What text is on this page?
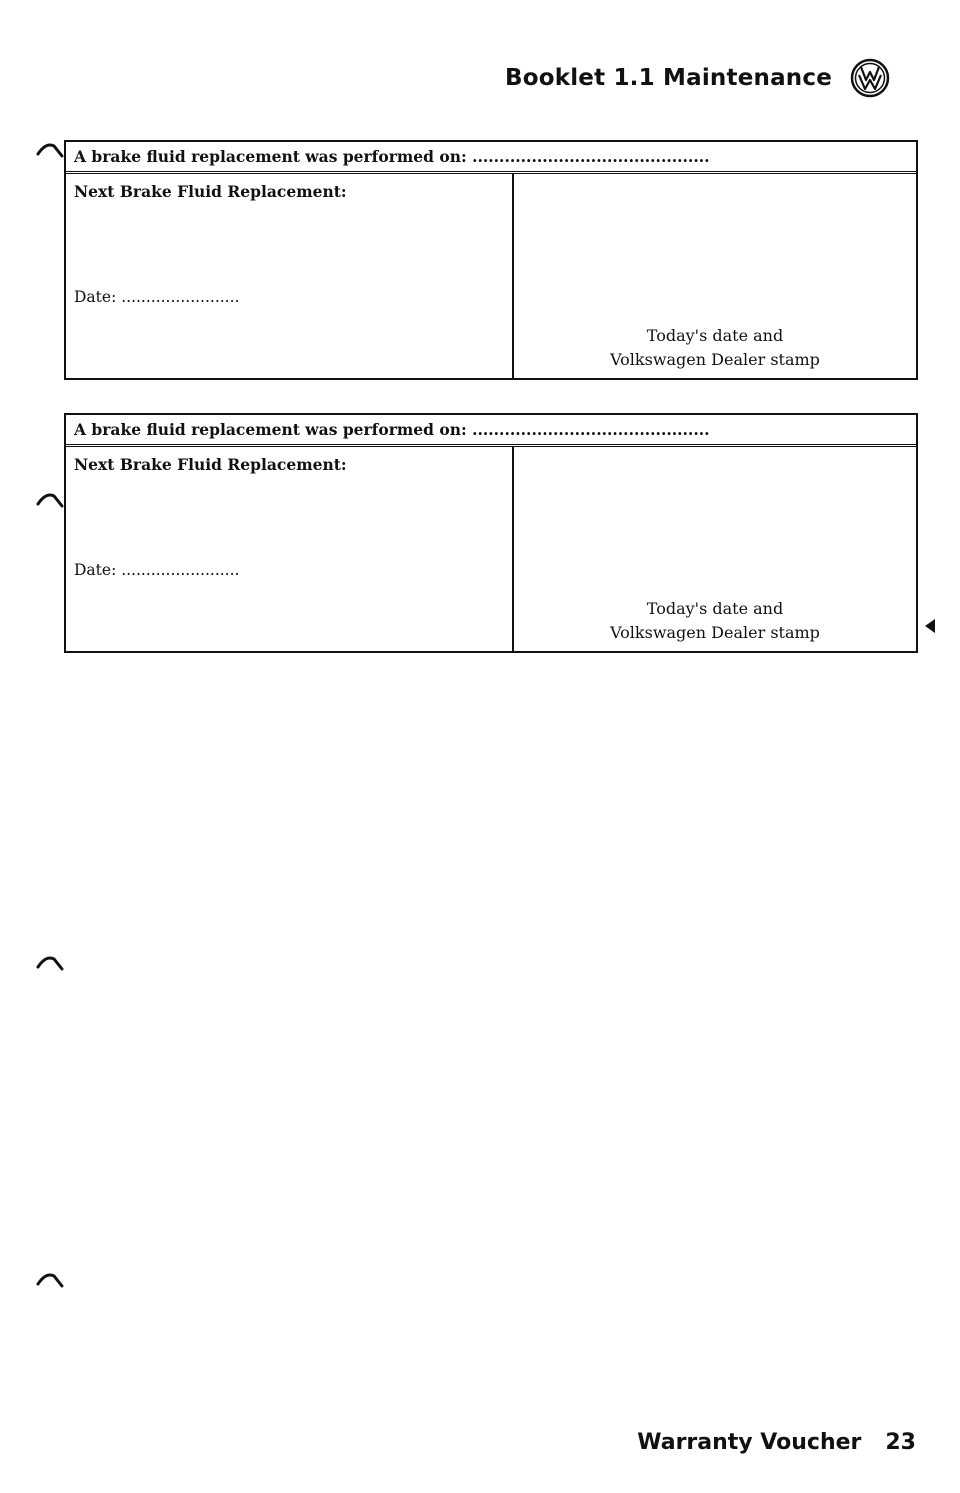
Booklet 1.1 Maintenance
A brake fluid replacement was performed on: ............................................
Next Brake Fluid Replacement:
Date: ........................
Today's date and
Volkswagen Dealer stamp
A brake fluid replacement was performed on: ............................................
Next Brake Fluid Replacement:
Date: ........................
Today's date and
Volkswagen Dealer stamp
Warranty Voucher 23
